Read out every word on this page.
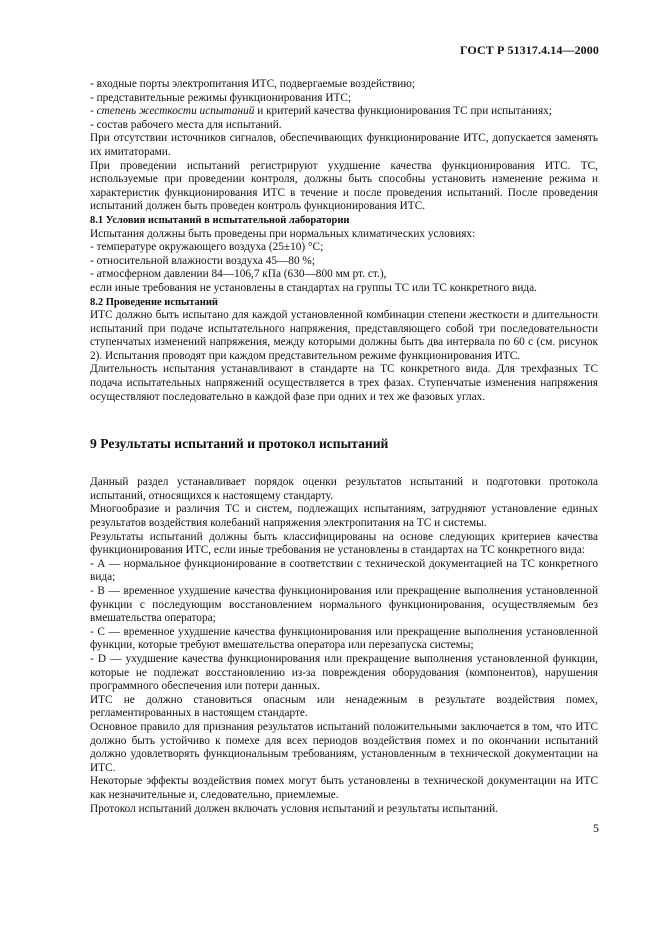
ГОСТ Р 51317.4.14—2000

- входные порты электропитания ИТС, подвергаемые воздействию;

- представительные режимы функционирования ИТС;

- степень жесткости испытаний и критерий качества функционирования ТС при испытаниях;

- состав рабочего места для испытаний.

При отсутствии источников сигналов, обеспечивающих функционирование ИТС, допускается заменять их имитаторами.

При проведении испытаний регистрируют ухудшение качества функционирования ИТС. ТС, используемые при проведении контроля, должны быть способны установить изменение режима и характеристик функционирования ИТС в течение и после проведения испытаний. После проведения испытаний должен быть проведен контроль функционирования ИТС.

8.1 Условия испытаний в испытательной лаборатории

Испытания должны быть проведены при нормальных климатических условиях:

- температуре окружающего воздуха (25±10) °С;

- относительной влажности воздуха 45—80 %;

- атмосферном давлении 84—106,7 кПа (630—800 мм рт. ст.),

если иные требования не установлены в стандартах на группы ТС или ТС конкретного вида.

8.2 Проведение испытаний

ИТС должно быть испытано для каждой установленной комбинации степени жесткости и длительности испытаний при подаче испытательного напряжения, представляющего собой три последовательности ступенчатых изменений напряжения, между которыми должны быть два интервала по 60 с (см. рисунок 2). Испытания проводят при каждом представительном режиме функционирования ИТС.

Длительность испытания устанавливают в стандарте на ТС конкретного вида. Для трехфазных ТС подача испытательных напряжений осуществляется в трех фазах. Ступенчатые изменения напряжения осуществляют последовательно в каждой фазе при одних и тех же фазовых углах.

9 Результаты испытаний и протокол испытаний

Данный раздел устанавливает порядок оценки результатов испытаний и подготовки протокола испытаний, относящихся к настоящему стандарту.

Многообразие и различия ТС и систем, подлежащих испытаниям, затрудняют установление единых результатов воздействия колебаний напряжения электропитания на ТС и системы.

Результаты испытаний должны быть классифицированы на основе следующих критериев качества функционирования ИТС, если иные требования не установлены в стандартах на ТС конкретного вида:

- А — нормальное функционирование в соответствии с технической документацией на ТС конкретного вида;

- В — временное ухудшение качества функционирования или прекращение выполнения установленной функции с последующим восстановлением нормального функционирования, осуществляемым без вмешательства оператора;

- С — временное ухудшение качества функционирования или прекращение выполнения установленной функции, которые требуют вмешательства оператора или перезапуска системы;

- D — ухудшение качества функционирования или прекращение выполнения установленной функции, которые не подлежат восстановлению из-за повреждения оборудования (компонентов), нарушения программного обеспечения или потери данных.

ИТС не должно становиться опасным или ненадежным в результате воздействия помех, регламентированных в настоящем стандарте.

Основное правило для признания результатов испытаний положительными заключается в том, что ИТС должно быть устойчиво к помехе для всех периодов воздействия помех и по окончании испытаний должно удовлетворять функциональным требованиям, установленным в технической документации на ИТС.

Некоторые эффекты воздействия помех могут быть установлены в технической документации на ИТС как незначительные и, следовательно, приемлемые.

Протокол испытаний должен включать условия испытаний и результаты испытаний.

5
